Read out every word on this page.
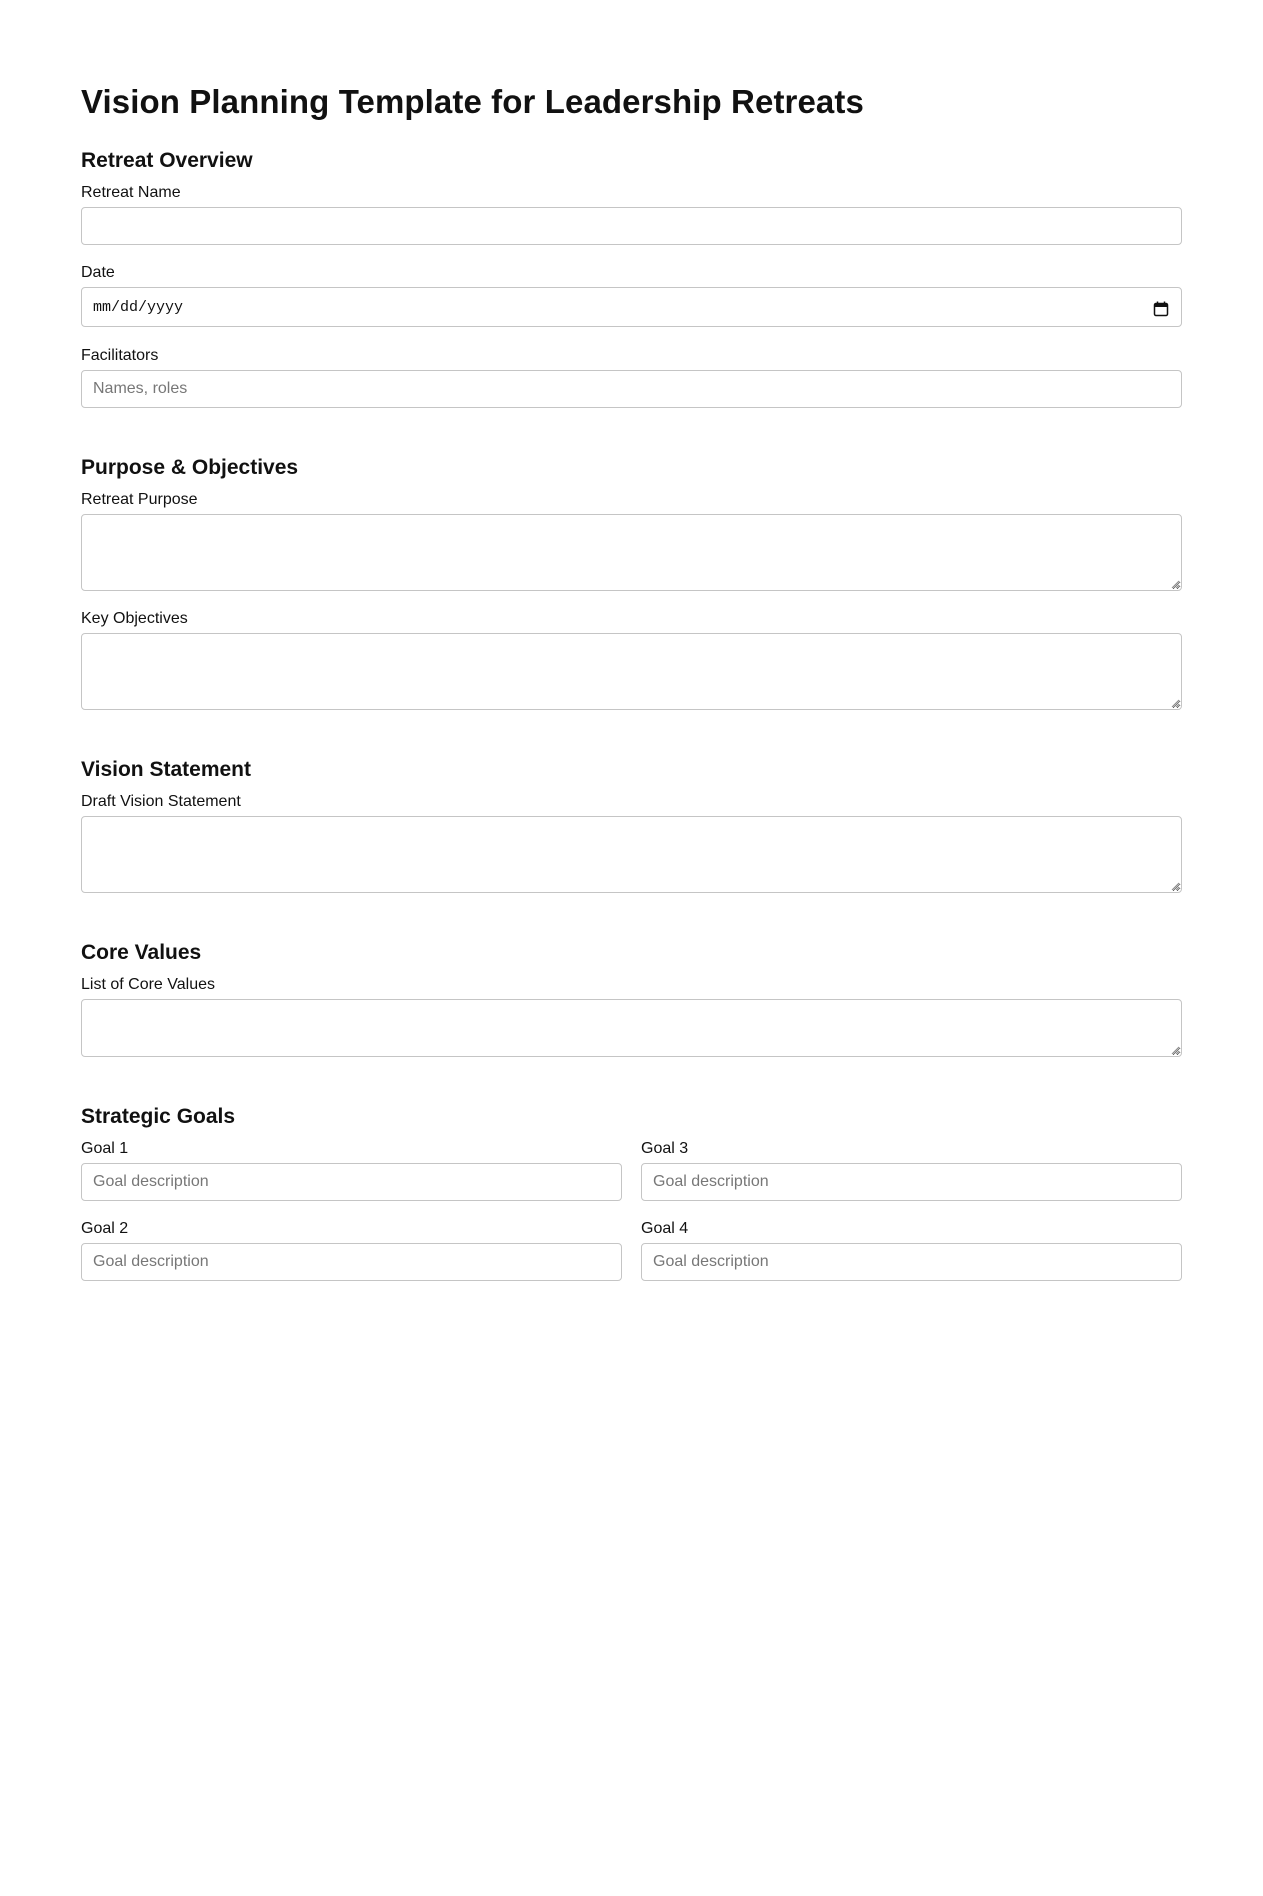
Vision Planning Template for Leadership Retreats
Retreat Overview
Retreat Name
Date
mm/dd/yyyy
Facilitators
Names, roles
Purpose & Objectives
Retreat Purpose
Key Objectives
Vision Statement
Draft Vision Statement
Core Values
List of Core Values
Strategic Goals
Goal 1
Goal description	Goal 3
Goal description
Goal 2
Goal description	Goal 4
Goal description
